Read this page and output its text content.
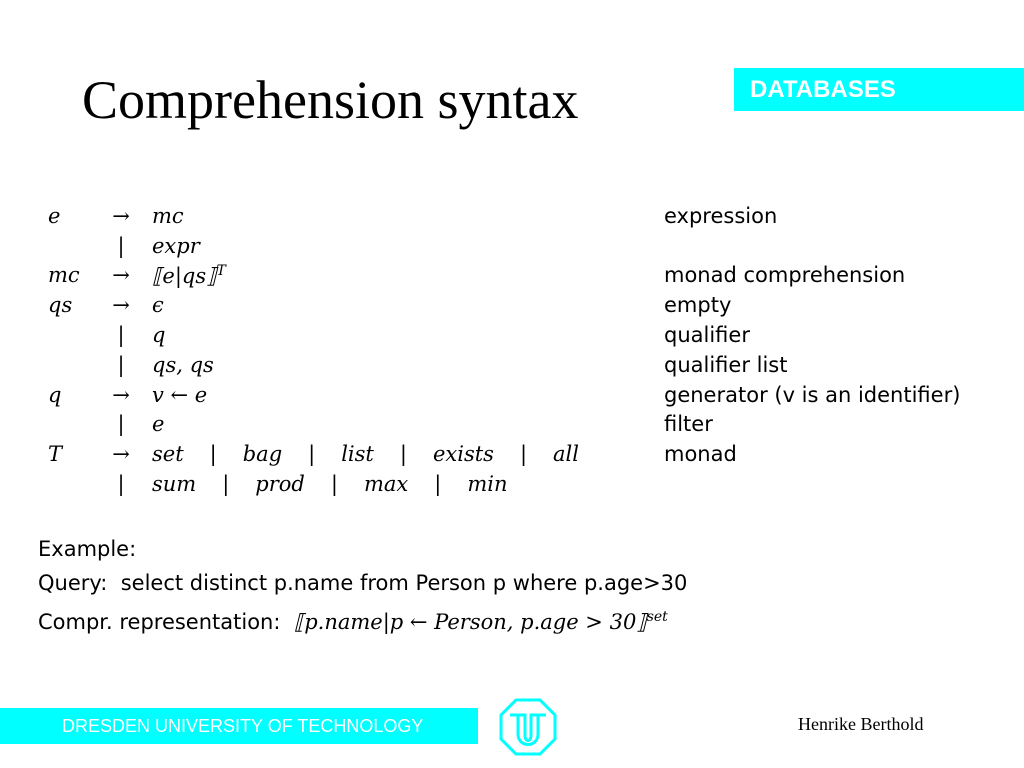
Comprehension syntax	DATABASES
e	→	mc	expression
	|	expr	
mc	→	⟦e|qs⟧$^T$	monad comprehension
qs	→	ϵ	empty
	|	q	qualifier
	|	qs, qs	qualifier list
q	→	v ← e	generator (v is an identifier)
	|	e	filter
T	→	set | bag | list | exists | all	monad
	|	sum | prod | max | min	
Example:
Query: select distinct p.name from Person p where p.age>30
Compr. representation: ⟦p.name|p ← Person, p.age > 30⟧$^{set}$
DRESDEN UNIVERSITY OF TECHNOLOGY	Henrike Berthold
